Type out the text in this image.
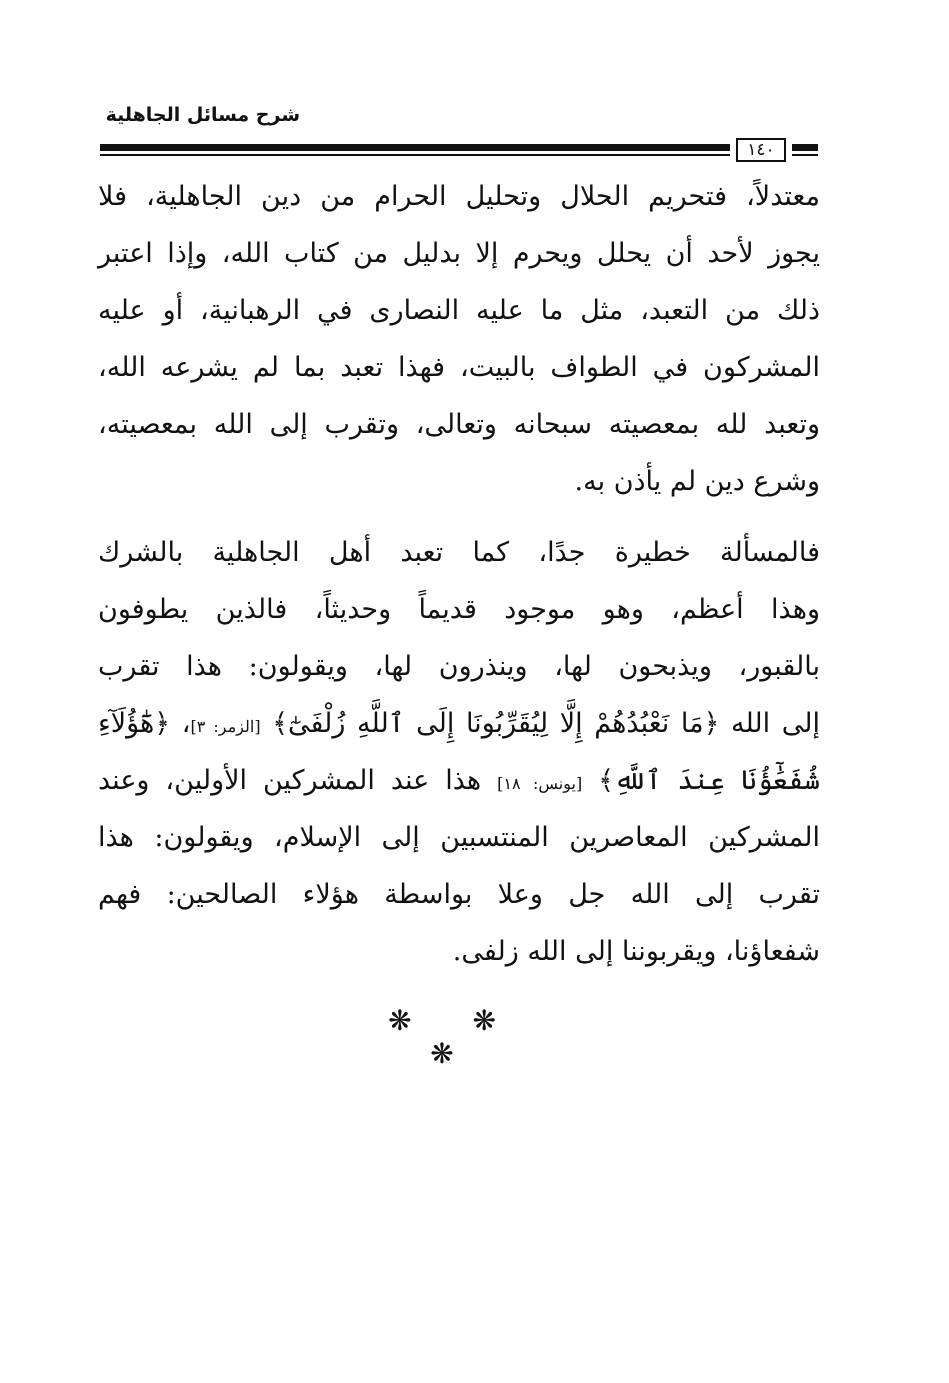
شرح مسائل الجاهلية
١٤٠
معتدلاً، فتحريم الحلال وتحليل الحرام من دين الجاهلية، فلا
يجوز لأحد أن يحلل ويحرم إلا بدليل من كتاب الله، وإذا اعتبر
ذلك من التعبد، مثل ما عليه النصارى في الرهبانية، أو عليه
المشركون في الطواف بالبيت، فهذا تعبد بما لم يشرعه الله،
وتعبد لله بمعصيته سبحانه وتعالى، وتقرب إلى الله بمعصيته،
وشرع دين لم يأذن به.
فالمسألة خطيرة جدًا، كما تعبد أهل الجاهلية بالشرك
وهذا أعظم، وهو موجود قديماً وحديثاً، فالذين يطوفون
بالقبور، ويذبحون لها، وينذرون لها، ويقولون: هذا تقرب
إلى الله ﴿مَا نَعْبُدُهُمْ إِلَّا لِيُقَرِّبُونَا إِلَى ٱللَّهِ زُلْفَىٰٓ﴾ [الزمر: ٣]، ﴿هَٰٓؤُلَآءِ
شُفَعَٰٓؤُنَا عِندَ ٱللَّهِ﴾ [يونس: ١٨] هذا عند المشركين الأولين، وعند
المشركين المعاصرين المنتسبين إلى الإسلام، ويقولون: هذا
تقرب إلى الله جل وعلا بواسطة هؤلاء الصالحين: فهم
شفعاؤنا، ويقربوننا إلى الله زلفى.
❋ ❋ ❋
